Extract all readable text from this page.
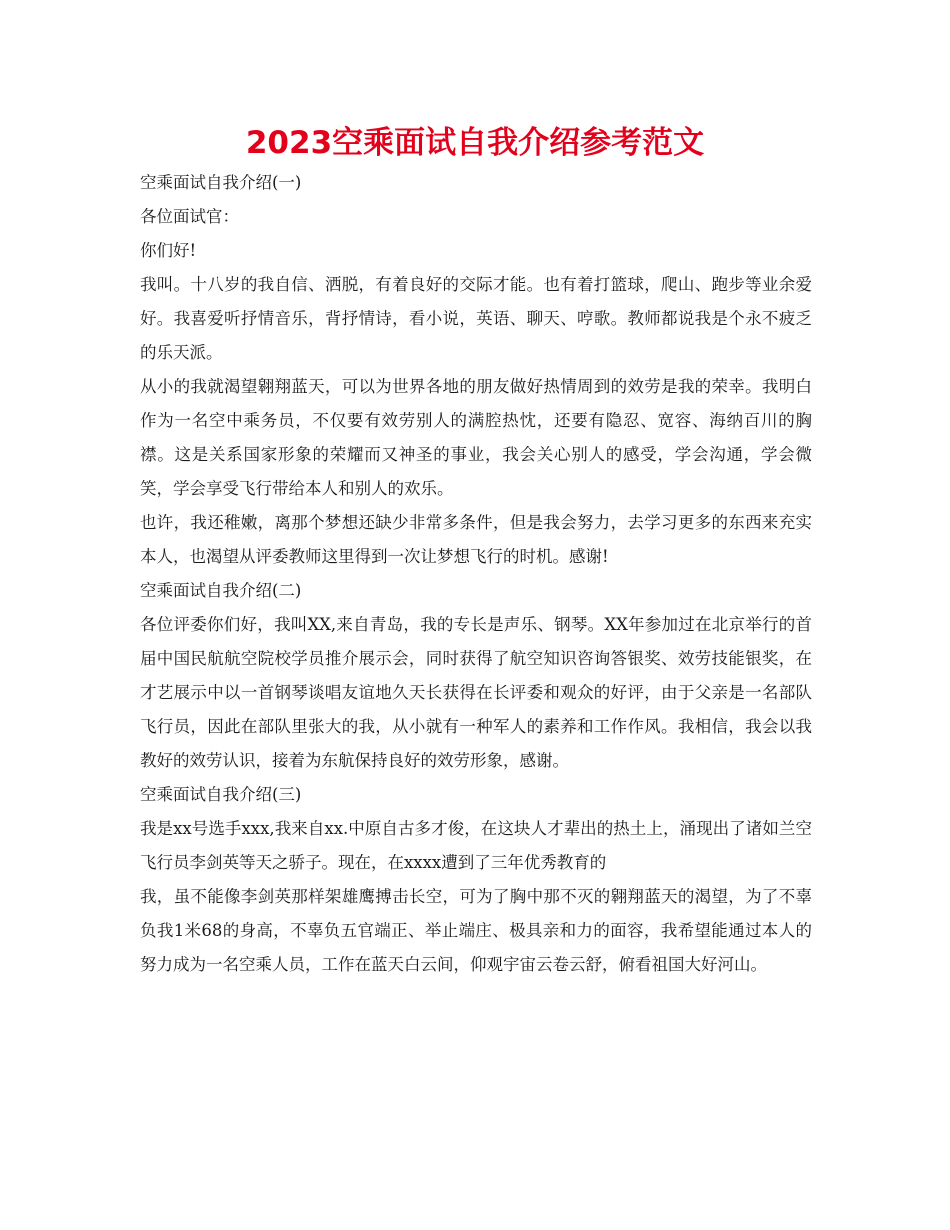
2023空乘面试自我介绍参考范文

空乘面试自我介绍(一)

各位面试官：

你们好!

我叫。十八岁的我自信、洒脱，有着良好的交际才能。也有着打篮球，爬山、跑步等业余爱好。我喜爱听抒情音乐，背抒情诗，看小说，英语、聊天、哼歌。教师都说我是个永不疲乏的乐天派。

从小的我就渴望翱翔蓝天，可以为世界各地的朋友做好热情周到的效劳是我的荣幸。我明白作为一名空中乘务员，不仅要有效劳别人的满腔热忱，还要有隐忍、宽容、海纳百川的胸襟。这是关系国家形象的荣耀而又神圣的事业，我会关心别人的感受，学会沟通，学会微笑，学会享受飞行带给本人和别人的欢乐。

也许，我还稚嫩，离那个梦想还缺少非常多条件，但是我会努力，去学习更多的东西来充实本人，也渴望从评委教师这里得到一次让梦想飞行的时机。感谢!

空乘面试自我介绍(二)

各位评委你们好，我叫XX,来自青岛，我的专长是声乐、钢琴。XX年参加过在北京举行的首届中国民航航空院校学员推介展示会，同时获得了航空知识咨询答银奖、效劳技能银奖，在才艺展示中以一首钢琴谈唱友谊地久天长获得在长评委和观众的好评，由于父亲是一名部队飞行员，因此在部队里张大的我，从小就有一种军人的素养和工作作风。我相信，我会以我教好的效劳认识，接着为东航保持良好的效劳形象，感谢。

空乘面试自我介绍(三)

我是xx号选手xxx,我来自xx.中原自古多才俊，在这块人才辈出的热土上，涌现出了诸如兰空飞行员李剑英等天之骄子。现在，在xxxx遭到了三年优秀教育的

我，虽不能像李剑英那样架雄鹰搏击长空，可为了胸中那不灭的翱翔蓝天的渴望，为了不辜负我1米68的身高，不辜负五官端正、举止端庄、极具亲和力的面容，我希望能通过本人的努力成为一名空乘人员，工作在蓝天白云间，仰观宇宙云卷云舒，俯看祖国大好河山。
